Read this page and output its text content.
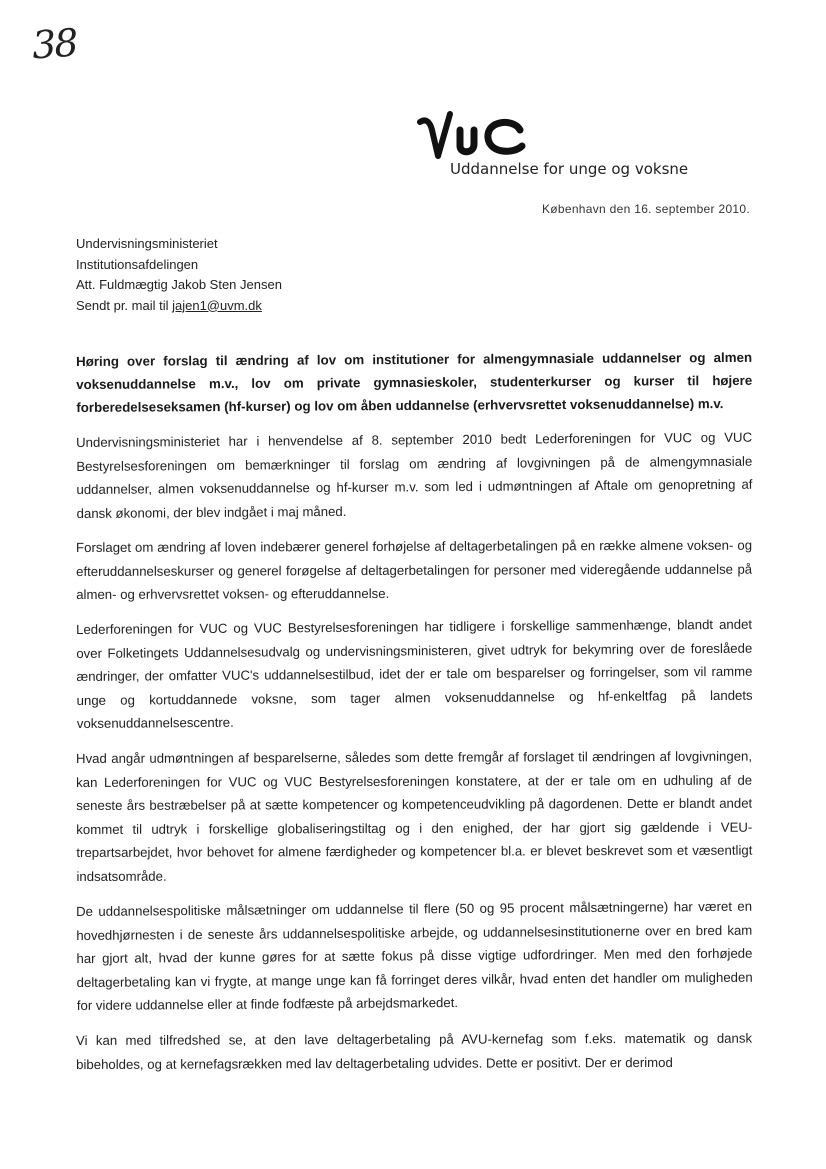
38
Uddannelse for unge og voksne
København den 16. september 2010.
Undervisningsministeriet
Institutionsafdelingen
Att. Fuldmægtig Jakob Sten Jensen
Sendt pr. mail til jajen1@uvm.dk
Høring over forslag til ændring af lov om institutioner for almengymnasiale uddannelser og almen voksenuddannelse m.v., lov om private gymnasieskoler, studenterkurser og kurser til højere forberedelseseksamen (hf-kurser) og lov om åben uddannelse (erhvervsrettet voksenuddannelse) m.v.

Undervisningsministeriet har i henvendelse af 8. september 2010 bedt Lederforeningen for VUC og VUC Bestyrelsesforeningen om bemærkninger til forslag om ændring af lovgivningen på de almengymnasiale uddannelser, almen voksenuddannelse og hf-kurser m.v. som led i udmøntningen af Aftale om genopretning af dansk økonomi, der blev indgået i maj måned.

Forslaget om ændring af loven indebærer generel forhøjelse af deltagerbetalingen på en række almene voksen- og efteruddannelseskurser og generel forøgelse af deltagerbetalingen for personer med videregående uddannelse på almen- og erhvervsrettet voksen- og efteruddannelse.

Lederforeningen for VUC og VUC Bestyrelsesforeningen har tidligere i forskellige sammenhænge, blandt andet over Folketingets Uddannelsesudvalg og undervisningsministeren, givet udtryk for bekymring over de foreslåede ændringer, der omfatter VUC's uddannelsestilbud, idet der er tale om besparelser og forringelser, som vil ramme unge og kortuddannede voksne, som tager almen voksenuddannelse og hf-enkeltfag på landets voksenuddannelsescentre.

Hvad angår udmøntningen af besparelserne, således som dette fremgår af forslaget til ændringen af lovgivningen, kan Lederforeningen for VUC og VUC Bestyrelsesforeningen konstatere, at der er tale om en udhuling af de seneste års bestræbelser på at sætte kompetencer og kompetenceudvikling på dagordenen. Dette er blandt andet kommet til udtryk i forskellige globaliseringstiltag og i den enighed, der har gjort sig gældende i VEU-trepartsarbejdet, hvor behovet for almene færdigheder og kompetencer bl.a. er blevet beskrevet som et væsentligt indsatsområde.

De uddannelsespolitiske målsætninger om uddannelse til flere (50 og 95 procent målsætningerne) har været en hovedhjørnesten i de seneste års uddannelsespolitiske arbejde, og uddannelsesinstitutionerne over en bred kam har gjort alt, hvad der kunne gøres for at sætte fokus på disse vigtige udfordringer. Men med den forhøjede deltagerbetaling kan vi frygte, at mange unge kan få forringet deres vilkår, hvad enten det handler om muligheden for videre uddannelse eller at finde fodfæste på arbejdsmarkedet.

Vi kan med tilfredshed se, at den lave deltagerbetaling på AVU-kernefag som f.eks. matematik og dansk bibeholdes, og at kernefagsrækken med lav deltagerbetaling udvides. Dette er positivt. Der er derimod
